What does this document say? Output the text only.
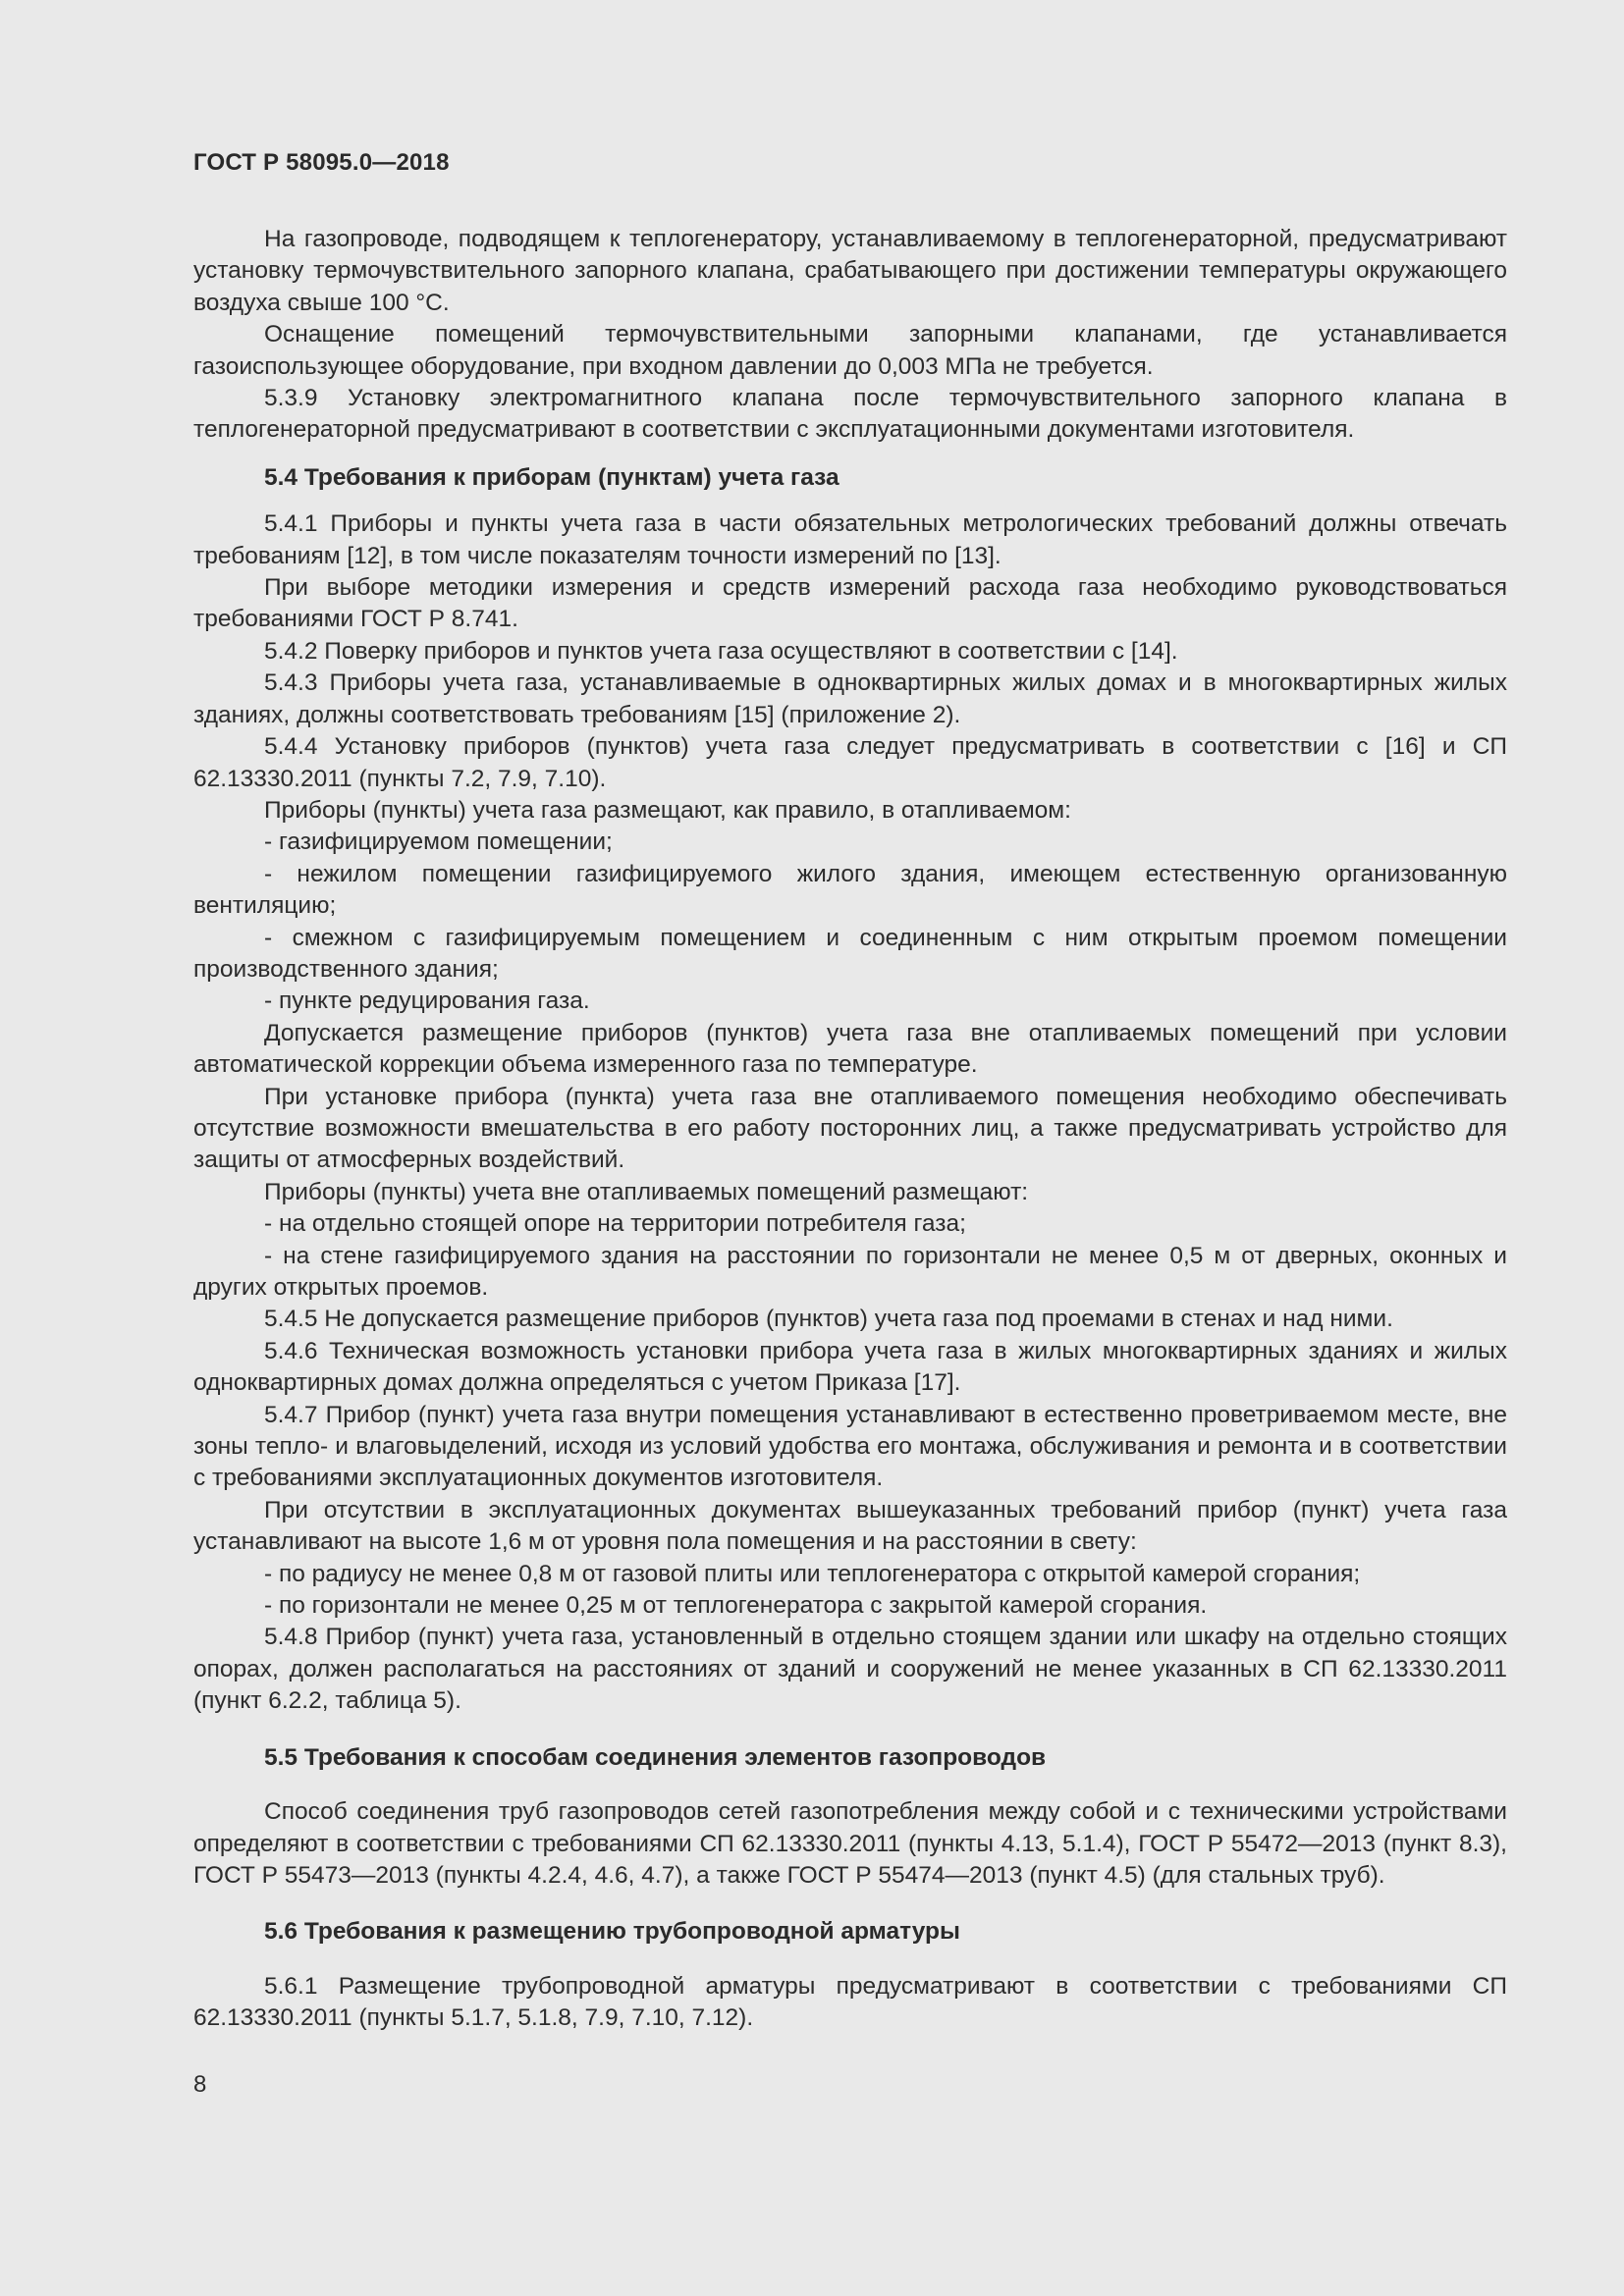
ГОСТ Р 58095.0—2018

На газопроводе, подводящем к теплогенератору, устанавливаемому в теплогенераторной, предусматривают установку термочувствительного запорного клапана, срабатывающего при достижении температуры окружающего воздуха свыше 100 °С.

Оснащение помещений термочувствительными запорными клапанами, где устанавливается газоиспользующее оборудование, при входном давлении до 0,003 МПа не требуется.

5.3.9 Установку электромагнитного клапана после термочувствительного запорного клапана в теплогенераторной предусматривают в соответствии с эксплуатационными документами изготовителя.

5.4 Требования к приборам (пунктам) учета газа

5.4.1 Приборы и пункты учета газа в части обязательных метрологических требований должны отвечать требованиям [12], в том числе показателям точности измерений по [13].

При выборе методики измерения и средств измерений расхода газа необходимо руководствоваться требованиями ГОСТ Р 8.741.

5.4.2 Поверку приборов и пунктов учета газа осуществляют в соответствии с [14].

5.4.3 Приборы учета газа, устанавливаемые в одноквартирных жилых домах и в многоквартирных жилых зданиях, должны соответствовать требованиям [15] (приложение 2).

5.4.4 Установку приборов (пунктов) учета газа следует предусматривать в соответствии с [16] и СП 62.13330.2011 (пункты 7.2, 7.9, 7.10).

Приборы (пункты) учета газа размещают, как правило, в отапливаемом:

- газифицируемом помещении;

- нежилом помещении газифицируемого жилого здания, имеющем естественную организованную вентиляцию;

- смежном с газифицируемым помещением и соединенным с ним открытым проемом помещении производственного здания;

- пункте редуцирования газа.

Допускается размещение приборов (пунктов) учета газа вне отапливаемых помещений при условии автоматической коррекции объема измеренного газа по температуре.

При установке прибора (пункта) учета газа вне отапливаемого помещения необходимо обеспечивать отсутствие возможности вмешательства в его работу посторонних лиц, а также предусматривать устройство для защиты от атмосферных воздействий.

Приборы (пункты) учета вне отапливаемых помещений размещают:

- на отдельно стоящей опоре на территории потребителя газа;

- на стене газифицируемого здания на расстоянии по горизонтали не менее 0,5 м от дверных, оконных и других открытых проемов.

5.4.5 Не допускается размещение приборов (пунктов) учета газа под проемами в стенах и над ними.

5.4.6 Техническая возможность установки прибора учета газа в жилых многоквартирных зданиях и жилых одноквартирных домах должна определяться с учетом Приказа [17].

5.4.7 Прибор (пункт) учета газа внутри помещения устанавливают в естественно проветриваемом месте, вне зоны тепло- и влаговыделений, исходя из условий удобства его монтажа, обслуживания и ремонта и в соответствии с требованиями эксплуатационных документов изготовителя.

При отсутствии в эксплуатационных документах вышеуказанных требований прибор (пункт) учета газа устанавливают на высоте 1,6 м от уровня пола помещения и на расстоянии в свету:

- по радиусу не менее 0,8 м от газовой плиты или теплогенератора с открытой камерой сгорания;

- по горизонтали не менее 0,25 м от теплогенератора с закрытой камерой сгорания.

5.4.8 Прибор (пункт) учета газа, установленный в отдельно стоящем здании или шкафу на отдельно стоящих опорах, должен располагаться на расстояниях от зданий и сооружений не менее указанных в СП 62.13330.2011 (пункт 6.2.2, таблица 5).

5.5 Требования к способам соединения элементов газопроводов

Способ соединения труб газопроводов сетей газопотребления между собой и с техническими устройствами определяют в соответствии с требованиями СП 62.13330.2011 (пункты 4.13, 5.1.4), ГОСТ Р 55472—2013 (пункт 8.3), ГОСТ Р 55473—2013 (пункты 4.2.4, 4.6, 4.7), а также ГОСТ Р 55474—2013 (пункт 4.5) (для стальных труб).

5.6 Требования к размещению трубопроводной арматуры

5.6.1 Размещение трубопроводной арматуры предусматривают в соответствии с требованиями СП 62.13330.2011 (пункты 5.1.7, 5.1.8, 7.9, 7.10, 7.12).

8
